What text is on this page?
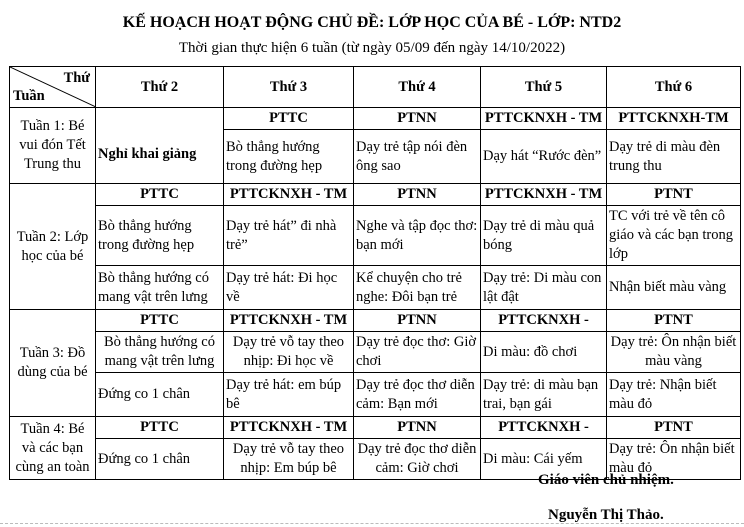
KẾ HOẠCH HOẠT ĐỘNG CHỦ ĐỀ: LỚP HỌC CỦA BÉ - LỚP: NTD2
Thời gian thực hiện 6 tuần (từ ngày 05/09 đến ngày 14/10/2022)
Thứ
Tuần	Thứ 2	Thứ 3	Thứ 4	Thứ 5	Thứ 6
Tuần 1: Bé vui đón Tết Trung thu	Nghỉ khai giảng	PTTC	PTNN	PTTCKNXH - TM	PTTCKNXH-TM
		Bò thẳng hướng trong đường hẹp	Dạy trẻ tập nói đèn ông sao	Dạy hát “Rước đèn”	Dạy trẻ di màu đèn trung thu
Tuần 2: Lớp học của bé	PTTC	PTTCKNXH - TM	PTNN	PTTCKNXH - TM	PTNT
	Bò thẳng hướng trong đường hẹp	Dạy trẻ hát” đi nhà trẻ”	Nghe và tập đọc thơ: bạn mới	Dạy trẻ di màu quả bóng	TC với trẻ về tên cô giáo và các bạn trong lớp
	Bò thẳng hướng có mang vật trên lưng	Dạy trẻ hát: Đi học về	Kể chuyện cho trẻ nghe: Đôi bạn trẻ	Dạy trẻ: Di màu con lật đật	Nhận biết màu vàng
Tuần 3: Đồ dùng của bé	PTTC	PTTCKNXH - TM	PTNN	PTTCKNXH -	PTNT
	Bò thẳng hướng có mang vật trên lưng	Dạy trẻ vỗ tay theo nhịp: Đi học về	Dạy trẻ đọc thơ: Giờ chơi	Di màu: đồ chơi	Dạy trẻ: Ôn nhận biết màu vàng
	Đứng co 1 chân	Dạy trẻ hát: em búp bê	Dạy trẻ đọc thơ diễn cảm: Bạn mới	Dạy trẻ: di màu bạn trai, bạn gái	Dạy trẻ: Nhận biết màu đỏ
Tuần 4: Bé và các bạn cùng an toàn	PTTC	PTTCKNXH - TM	PTNN	PTTCKNXH -	PTNT
	Đứng co 1 chân	Dạy trẻ vỗ tay theo nhịp: Em búp bê	Dạy trẻ đọc thơ diễn cảm: Giờ chơi	Di màu: Cái yếm	Dạy trẻ: Ôn nhận biết màu đỏ
Giáo viên chủ nhiệm.
Nguyễn Thị Thảo.
